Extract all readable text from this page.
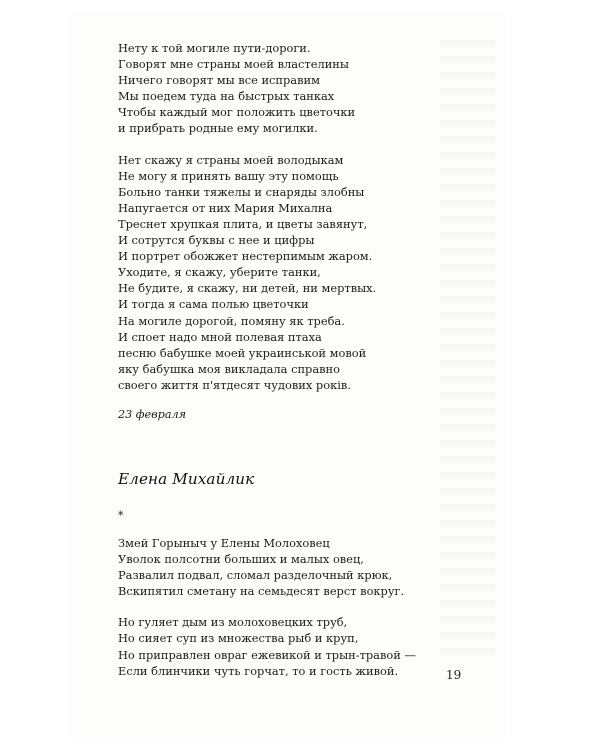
Нету к той могиле пути-дороги.
Говорят мне страны моей властелины
Ничего говорят мы все исправим
Мы поедем туда на быстрых танках
Чтобы каждый мог положить цветочки
и прибрать родные ему могилки.
Нет скажу я страны моей володыкам
Не могу я принять вашу эту помощь
Больно танки тяжелы и снаряды злобны
Напугается от них Мария Михална
Треснет хрупкая плита, и цветы завянут,
И сотрутся буквы с нее и цифры
И портрет обожжет нестерпимым жаром.
Уходите, я скажу, уберите танки,
Не будите, я скажу, ни детей, ни мертвых.
И тогда я сама полью цветочки
На могиле дорогой, помяну як треба.
И споет надо мной полевая птаха
песню бабушке моей украинськой мовой
яку бабушка моя викладала справно
своего життя п'ятдесят чудових років.
23 февраля
Елена Михайлик
*
Змей Горыныч у Елены Молоховец
Уволок полсотни больших и малых овец,
Развалил подвал, сломал разделочный крюк,
Вскипятил сметану на семьдесят верст вокруг.
Но гуляет дым из молоховецких труб,
Но сияет суп из множества рыб и круп,
Но приправлен овраг ежевикой и трын-травой —
Если блинчики чуть горчат, то и гость живой.	19
